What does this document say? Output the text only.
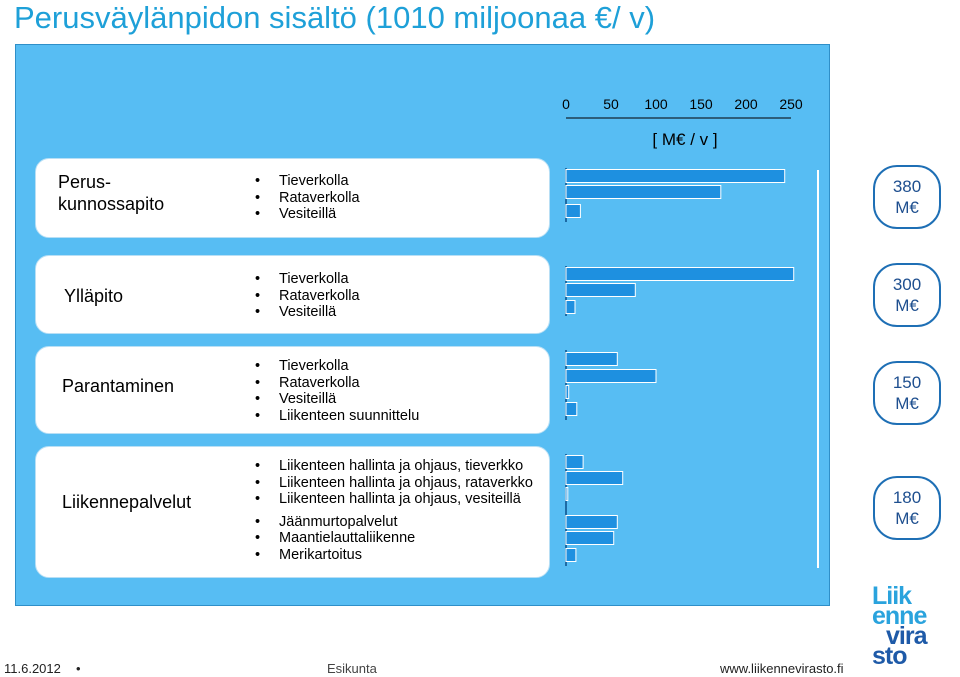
Perusväylänpidon sisältö (1010 miljoonaa €/ v)
Perus-
kunnossapito
Ylläpito
Parantaminen
Liikennepalvelut
• Tieverkolla
• Rataverkolla
• Vesiteillä
• Tieverkolla
• Rataverkolla
• Vesiteillä
• Tieverkolla
• Rataverkolla
• Vesiteillä
• Liikenteen suunnittelu
• Liikenteen hallinta ja ohjaus, tieverkko
• Liikenteen hallinta ja ohjaus, rataverkko
• Liikenteen hallinta ja ohjaus, vesiteillä
• Jäänmurtopalvelut
• Maantielauttaliikenne
• Merikartoitus
380
M€
300
M€
150
M€
180
M€
0 50 100 150 200 250
[ M€ / v ]
11.6.2012 •	Esikunta	www.liikennevirasto.fi
Liik
enne
vira
sto
